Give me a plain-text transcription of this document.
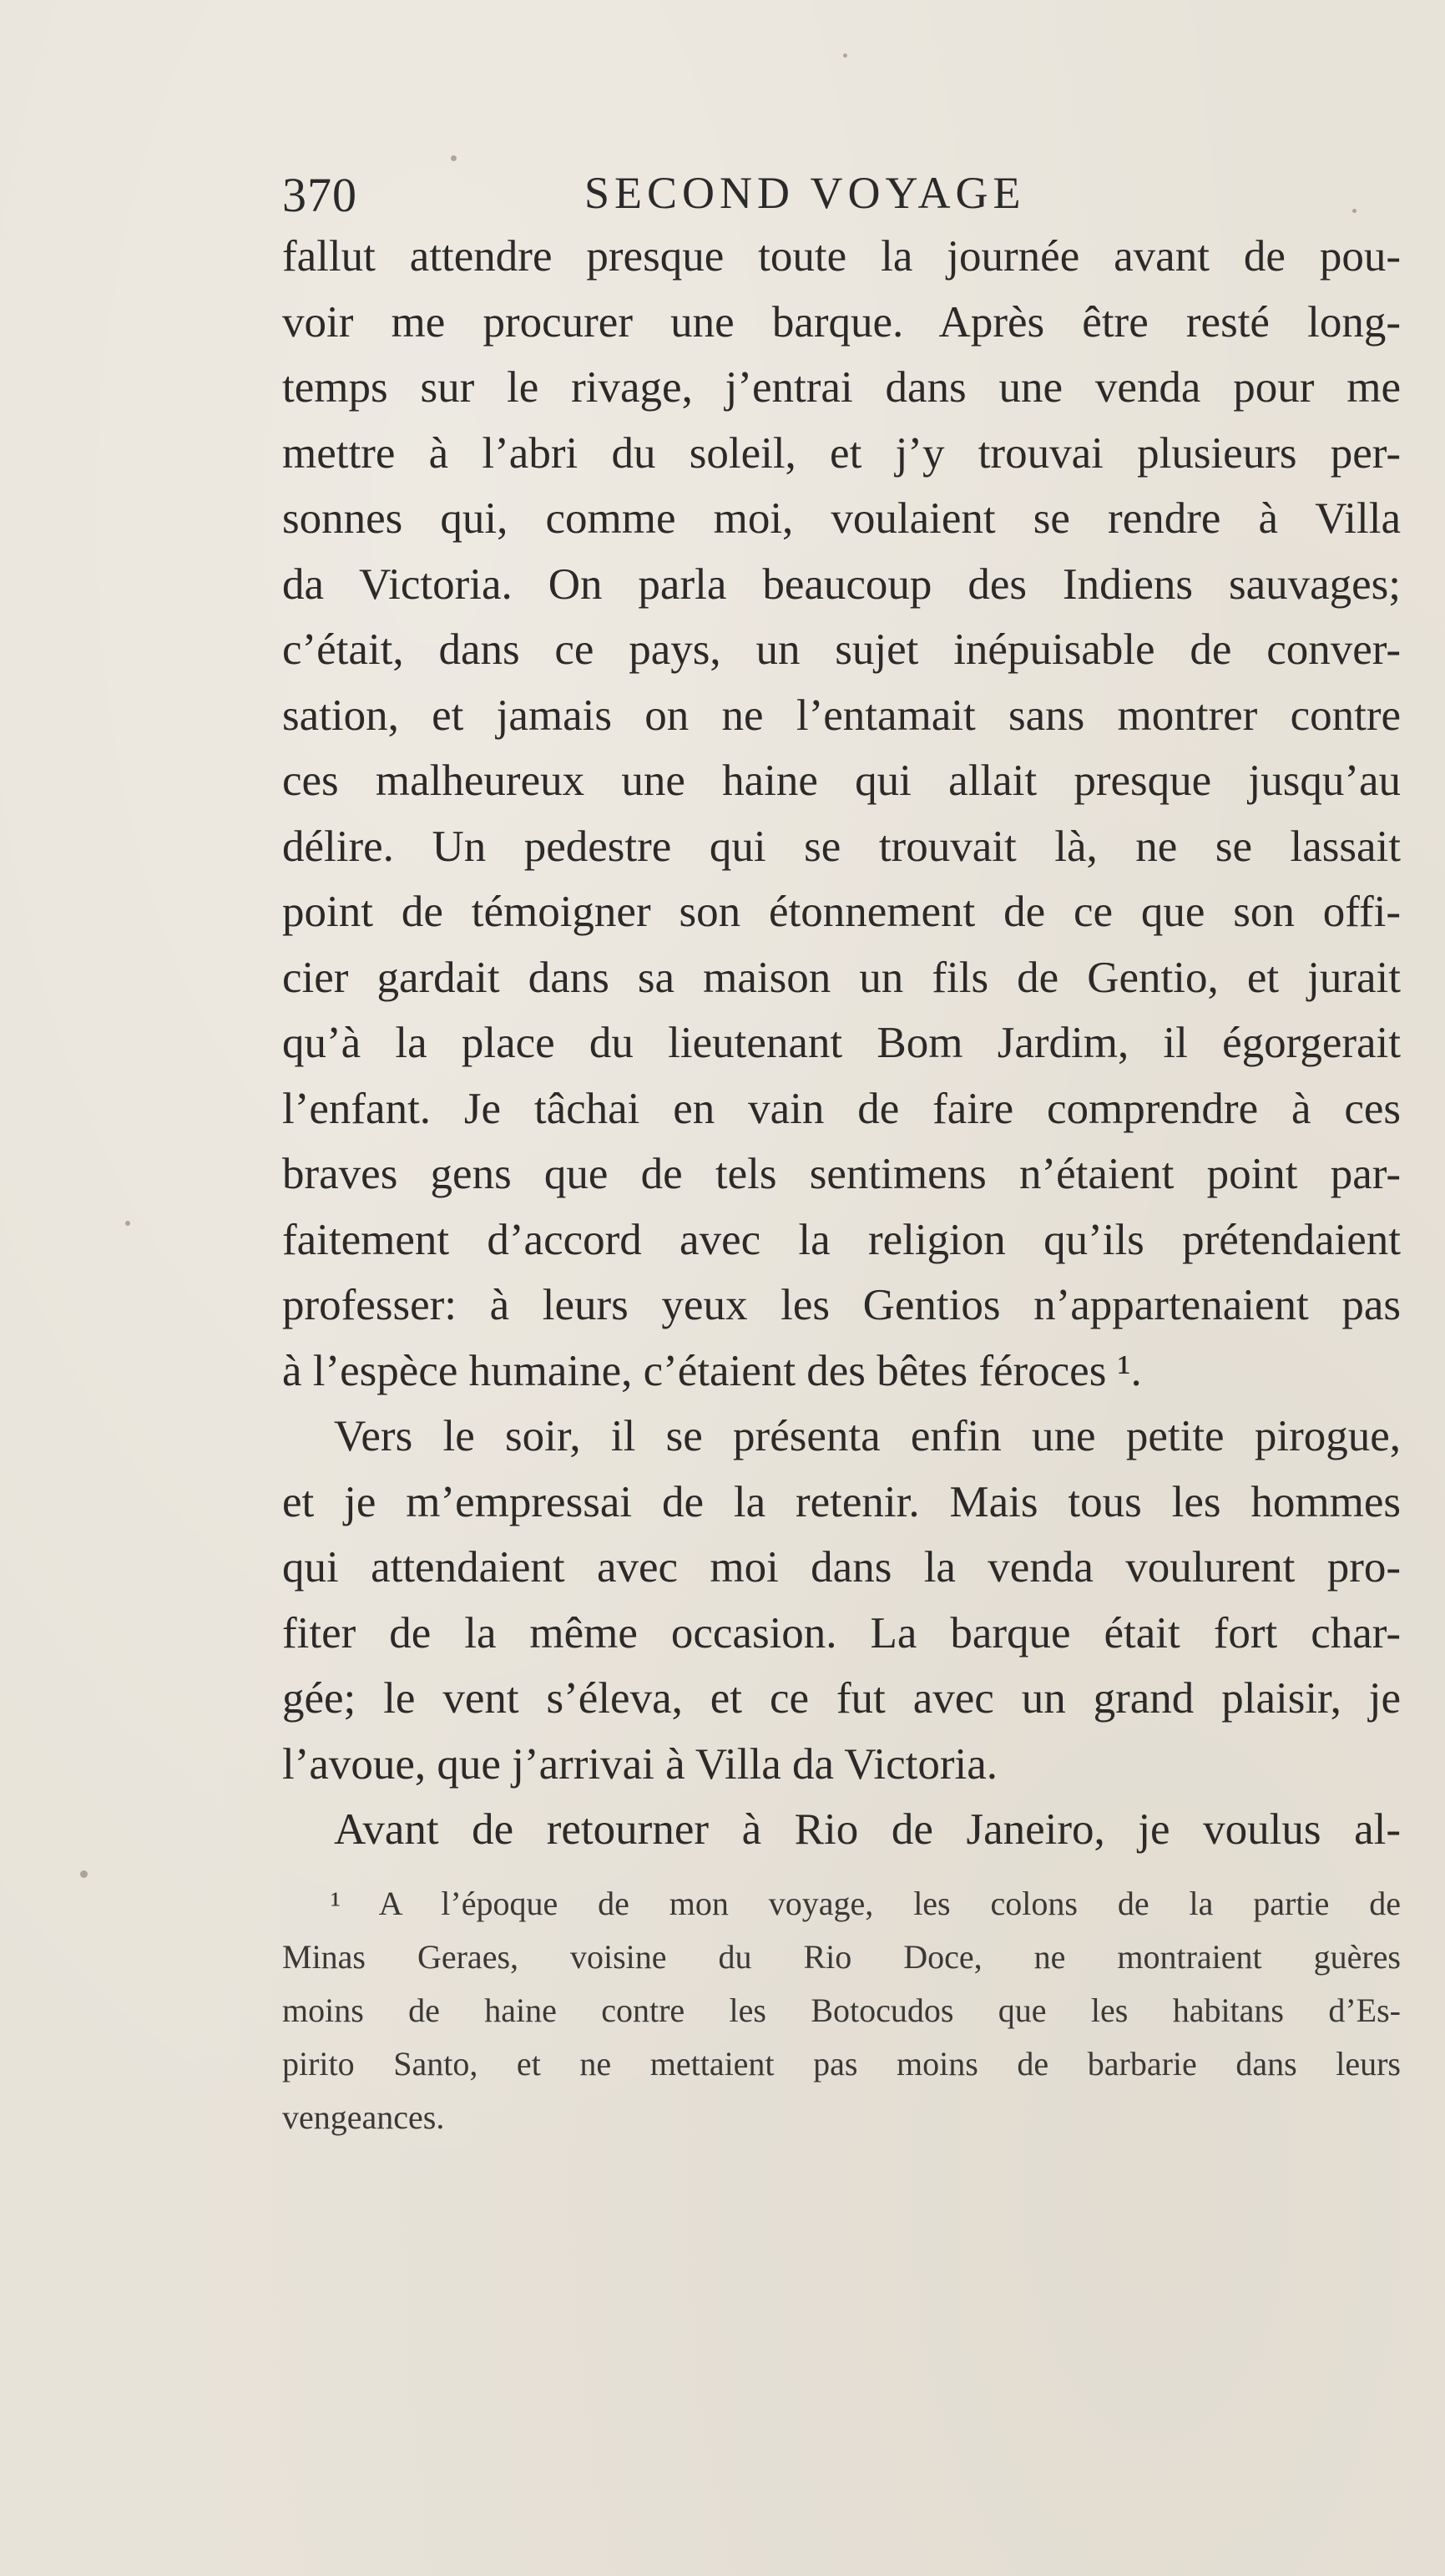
370	SECOND VOYAGE
fallut attendre presque toute la journée avant de pou-
voir me procurer une barque. Après être resté long-
temps sur le rivage, j’entrai dans une venda pour me
mettre à l’abri du soleil, et j’y trouvai plusieurs per-
sonnes qui, comme moi, voulaient se rendre à Villa
da Victoria. On parla beaucoup des Indiens sauvages;
c’était, dans ce pays, un sujet inépuisable de conver-
sation, et jamais on ne l’entamait sans montrer contre
ces malheureux une haine qui allait presque jusqu’au
délire. Un pedestre qui se trouvait là, ne se lassait
point de témoigner son étonnement de ce que son offi-
cier gardait dans sa maison un fils de Gentio, et jurait
qu’à la place du lieutenant Bom Jardim, il égorgerait
l’enfant. Je tâchai en vain de faire comprendre à ces
braves gens que de tels sentimens n’étaient point par-
faitement d’accord avec la religion qu’ils prétendaient
professer: à leurs yeux les Gentios n’appartenaient pas
à l’espèce humaine, c’étaient des bêtes féroces ¹.
Vers le soir, il se présenta enfin une petite pirogue,
et je m’empressai de la retenir. Mais tous les hommes
qui attendaient avec moi dans la venda voulurent pro-
fiter de la même occasion. La barque était fort char-
gée; le vent s’éleva, et ce fut avec un grand plaisir, je
l’avoue, que j’arrivai à Villa da Victoria.
Avant de retourner à Rio de Janeiro, je voulus al-
¹ A l’époque de mon voyage, les colons de la partie de
Minas Geraes, voisine du Rio Doce, ne montraient guères
moins de haine contre les Botocudos que les habitans d’Es-
pirito Santo, et ne mettaient pas moins de barbarie dans leurs
vengeances.
